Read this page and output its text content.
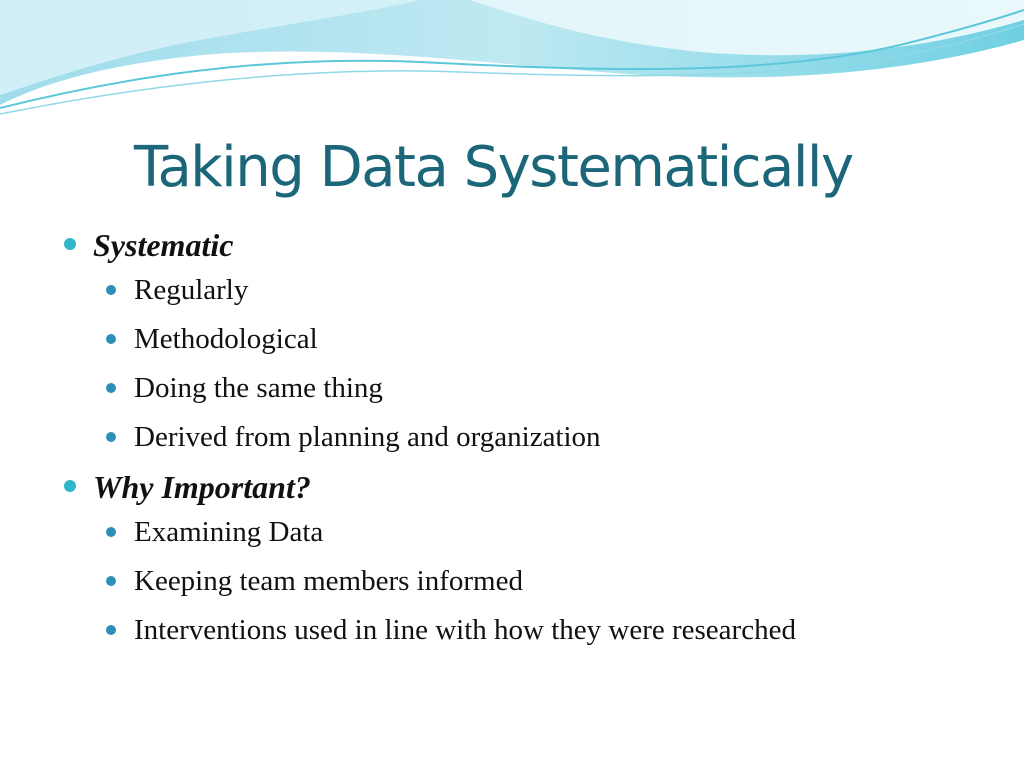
Taking Data Systematically
Systematic
Regularly
Methodological
Doing the same thing
Derived from planning and organization
Why Important?
Examining Data
Keeping team members informed
Interventions used in line with how they were researched
